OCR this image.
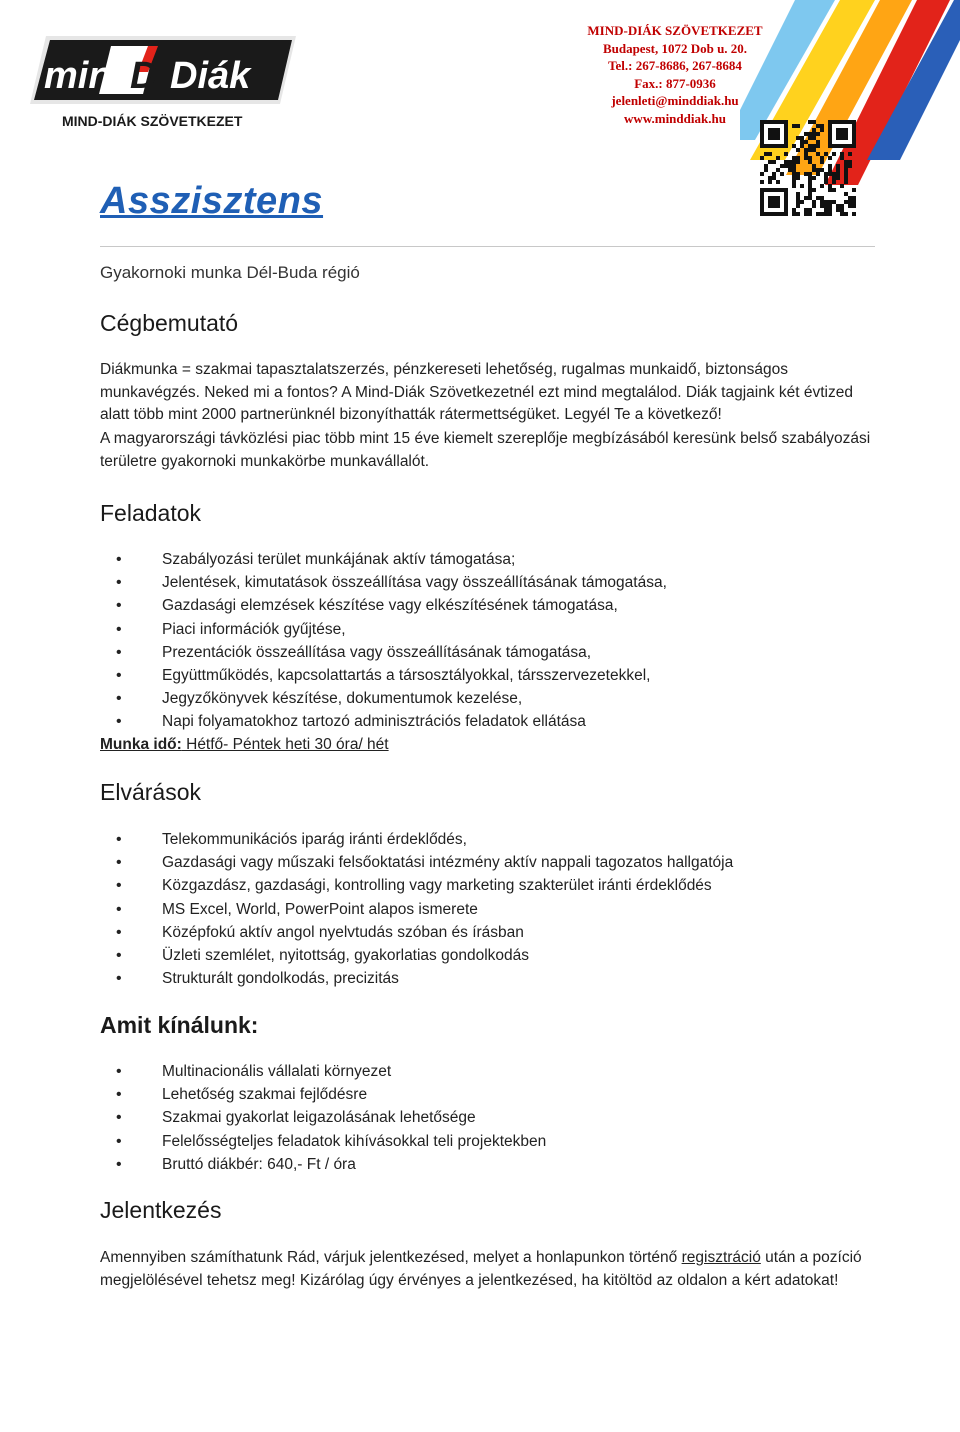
min D Diák
MIND-DIÁK SZÖVETKEZET
MIND-DIÁK SZÖVETKEZET
Budapest, 1072 Dob u. 20.
Tel.: 267-8686, 267-8684
Fax.: 877-0936
jelenleti@minddiak.hu
www.minddiak.hu
Asszisztens

Gyakornoki munka Dél-Buda régió

Cégbemutató

Diákmunka = szakmai tapasztalatszerzés, pénzkereseti lehetőség, rugalmas munkaidő, biztonságos munkavégzés. Neked mi a fontos? A Mind-Diák Szövetkezetnél ezt mind megtalálod. Diák tagjaink két évtized alatt több mint 2000 partnerünknél bizonyíthatták rátermettségüket. Legyél Te a következő!

A magyarországi távközlési piac több mint 15 éve kiemelt szereplője megbízásából keresünk belső szabályozási területre gyakornoki munkakörbe munkavállalót.

Feladatok
• Szabályozási terület munkájának aktív támogatása;
• Jelentések, kimutatások összeállítása vagy összeállításának támogatása,
• Gazdasági elemzések készítése vagy elkészítésének támogatása,
• Piaci információk gyűjtése,
• Prezentációk összeállítása vagy összeállításának támogatása,
• Együttműködés, kapcsolattartás a társosztályokkal, társszervezetekkel,
• Jegyzőkönyvek készítése, dokumentumok kezelése,
• Napi folyamatokhoz tartozó adminisztrációs feladatok ellátása
Munka idő: Hétfő- Péntek heti 30 óra/ hét
Elvárások
• Telekommunikációs iparág iránti érdeklődés,
• Gazdasági vagy műszaki felsőoktatási intézmény aktív nappali tagozatos hallgatója
• Közgazdász, gazdasági, kontrolling vagy marketing szakterület iránti érdeklődés
• MS Excel, World, PowerPoint alapos ismerete
• Középfokú aktív angol nyelvtudás szóban és írásban
• Üzleti szemlélet, nyitottság, gyakorlatias gondolkodás
• Strukturált gondolkodás, precizitás
Amit kínálunk:
• Multinacionális vállalati környezet
• Lehetőség szakmai fejlődésre
• Szakmai gyakorlat leigazolásának lehetősége
• Felelősségteljes feladatok kihívásokkal teli projektekben
• Bruttó diákbér: 640,- Ft / óra
Jelentkezés

Amennyiben számíthatunk Rád, várjuk jelentkezésed, melyet a honlapunkon történő regisztráció után a pozíció megjelölésével tehetsz meg! Kizárólag úgy érvényes a jelentkezésed, ha kitöltöd az oldalon a kért adatokat!
